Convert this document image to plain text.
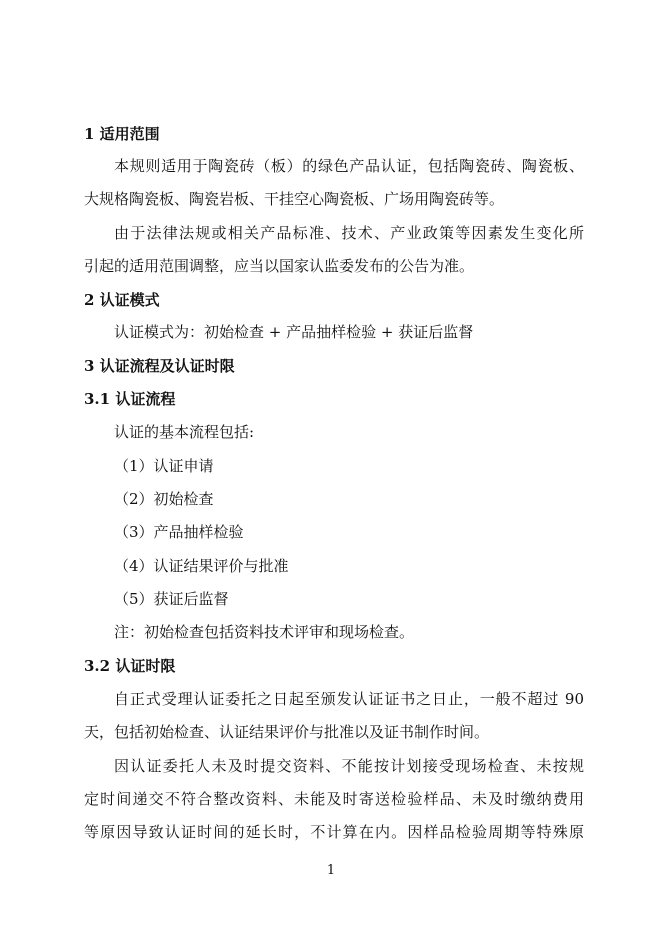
1 适用范围
本规则适用于陶瓷砖（板）的绿色产品认证，包括陶瓷砖、陶瓷板、
大规格陶瓷板、陶瓷岩板、干挂空心陶瓷板、广场用陶瓷砖等。
由于法律法规或相关产品标准、技术、产业政策等因素发生变化所
引起的适用范围调整，应当以国家认监委发布的公告为准。
2 认证模式
认证模式为：初始检查 + 产品抽样检验 + 获证后监督
3 认证流程及认证时限
3.1 认证流程
认证的基本流程包括:
（1）认证申请
（2）初始检查
（3）产品抽样检验
（4）认证结果评价与批准
（5）获证后监督
注：初始检查包括资料技术评审和现场检查。
3.2 认证时限
自正式受理认证委托之日起至颁发认证证书之日止，一般不超过 90
天，包括初始检查、认证结果评价与批准以及证书制作时间。
因认证委托人未及时提交资料、不能按计划接受现场检查、未按规
定时间递交不符合整改资料、未能及时寄送检验样品、未及时缴纳费用
等原因导致认证时间的延长时，不计算在内。因样品检验周期等特殊原
1
